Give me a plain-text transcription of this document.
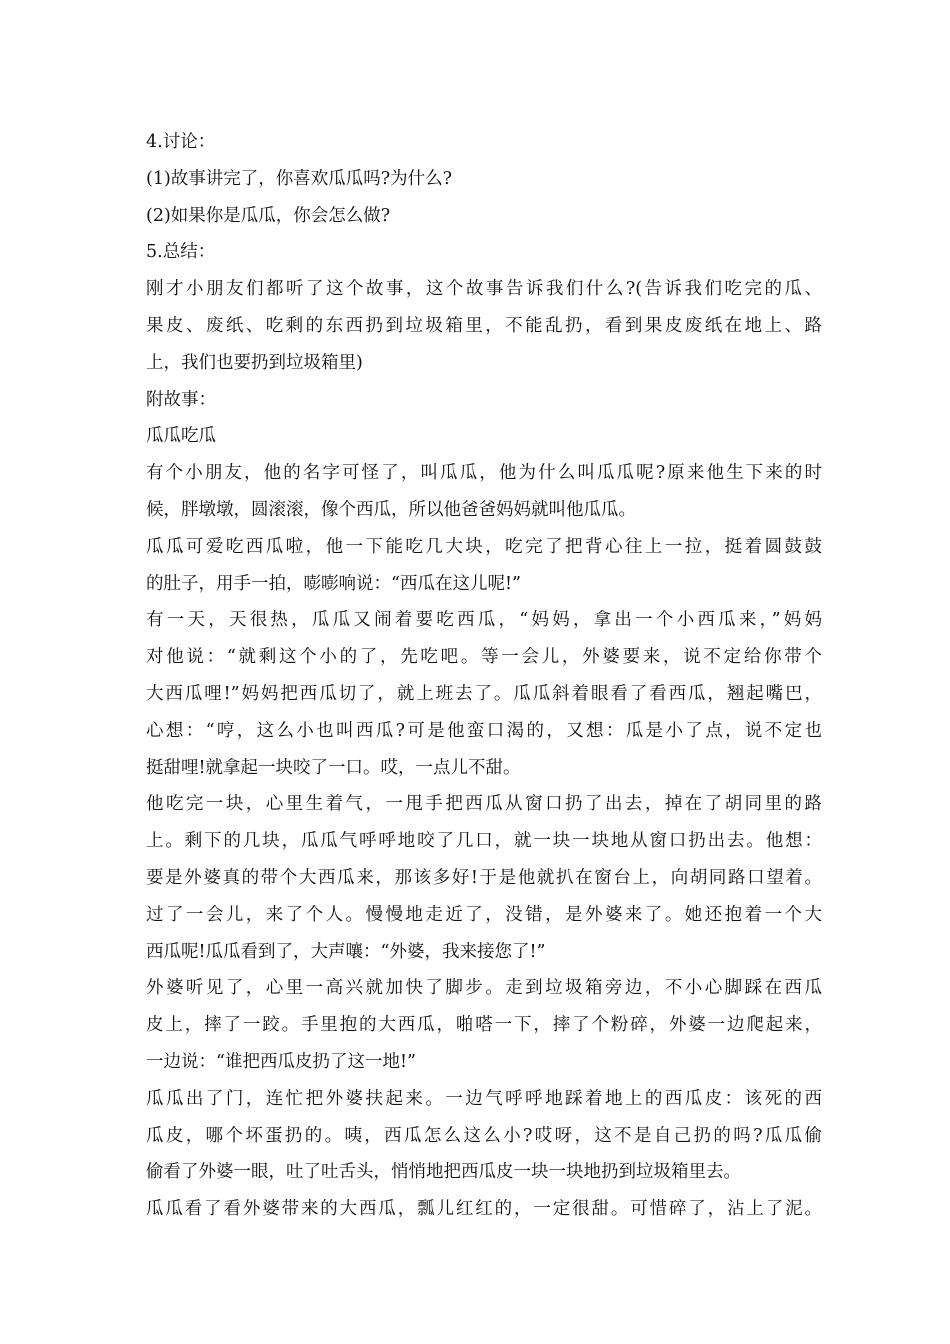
4.讨论：
(1)故事讲完了，你喜欢瓜瓜吗?为什么?
(2)如果你是瓜瓜，你会怎么做?
5.总结：
刚才小朋友们都听了这个故事，这个故事告诉我们什么?(告诉我们吃完的瓜、
果皮、废纸、吃剩的东西扔到垃圾箱里，不能乱扔，看到果皮废纸在地上、路
上，我们也要扔到垃圾箱里)
附故事：
瓜瓜吃瓜
有个小朋友，他的名字可怪了，叫瓜瓜，他为什么叫瓜瓜呢?原来他生下来的时
候，胖墩墩，圆滚滚，像个西瓜，所以他爸爸妈妈就叫他瓜瓜。
瓜瓜可爱吃西瓜啦，他一下能吃几大块，吃完了把背心往上一拉，挺着圆鼓鼓
的肚子，用手一拍，嘭嘭响说：“西瓜在这儿呢!”
有一天，天很热，瓜瓜又闹着要吃西瓜，“妈妈，拿出一个小西瓜来，”妈妈
对他说：“就剩这个小的了，先吃吧。等一会儿，外婆要来，说不定给你带个
大西瓜哩!”妈妈把西瓜切了，就上班去了。瓜瓜斜着眼看了看西瓜，翘起嘴巴，
心想：“哼，这么小也叫西瓜?可是他蛮口渴的，又想：瓜是小了点，说不定也
挺甜哩!就拿起一块咬了一口。哎，一点儿不甜。
他吃完一块，心里生着气，一甩手把西瓜从窗口扔了出去，掉在了胡同里的路
上。剩下的几块，瓜瓜气呼呼地咬了几口，就一块一块地从窗口扔出去。他想：
要是外婆真的带个大西瓜来，那该多好!于是他就扒在窗台上，向胡同路口望着。
过了一会儿，来了个人。慢慢地走近了，没错，是外婆来了。她还抱着一个大
西瓜呢!瓜瓜看到了，大声嚷：“外婆，我来接您了!”
外婆听见了，心里一高兴就加快了脚步。走到垃圾箱旁边，不小心脚踩在西瓜
皮上，摔了一跤。手里抱的大西瓜，啪嗒一下，摔了个粉碎，外婆一边爬起来，
一边说：“谁把西瓜皮扔了这一地!”
瓜瓜出了门，连忙把外婆扶起来。一边气呼呼地踩着地上的西瓜皮：该死的西
瓜皮，哪个坏蛋扔的。咦，西瓜怎么这么小?哎呀，这不是自己扔的吗?瓜瓜偷
偷看了外婆一眼，吐了吐舌头，悄悄地把西瓜皮一块一块地扔到垃圾箱里去。
瓜瓜看了看外婆带来的大西瓜，瓢儿红红的，一定很甜。可惜碎了，沾上了泥。
